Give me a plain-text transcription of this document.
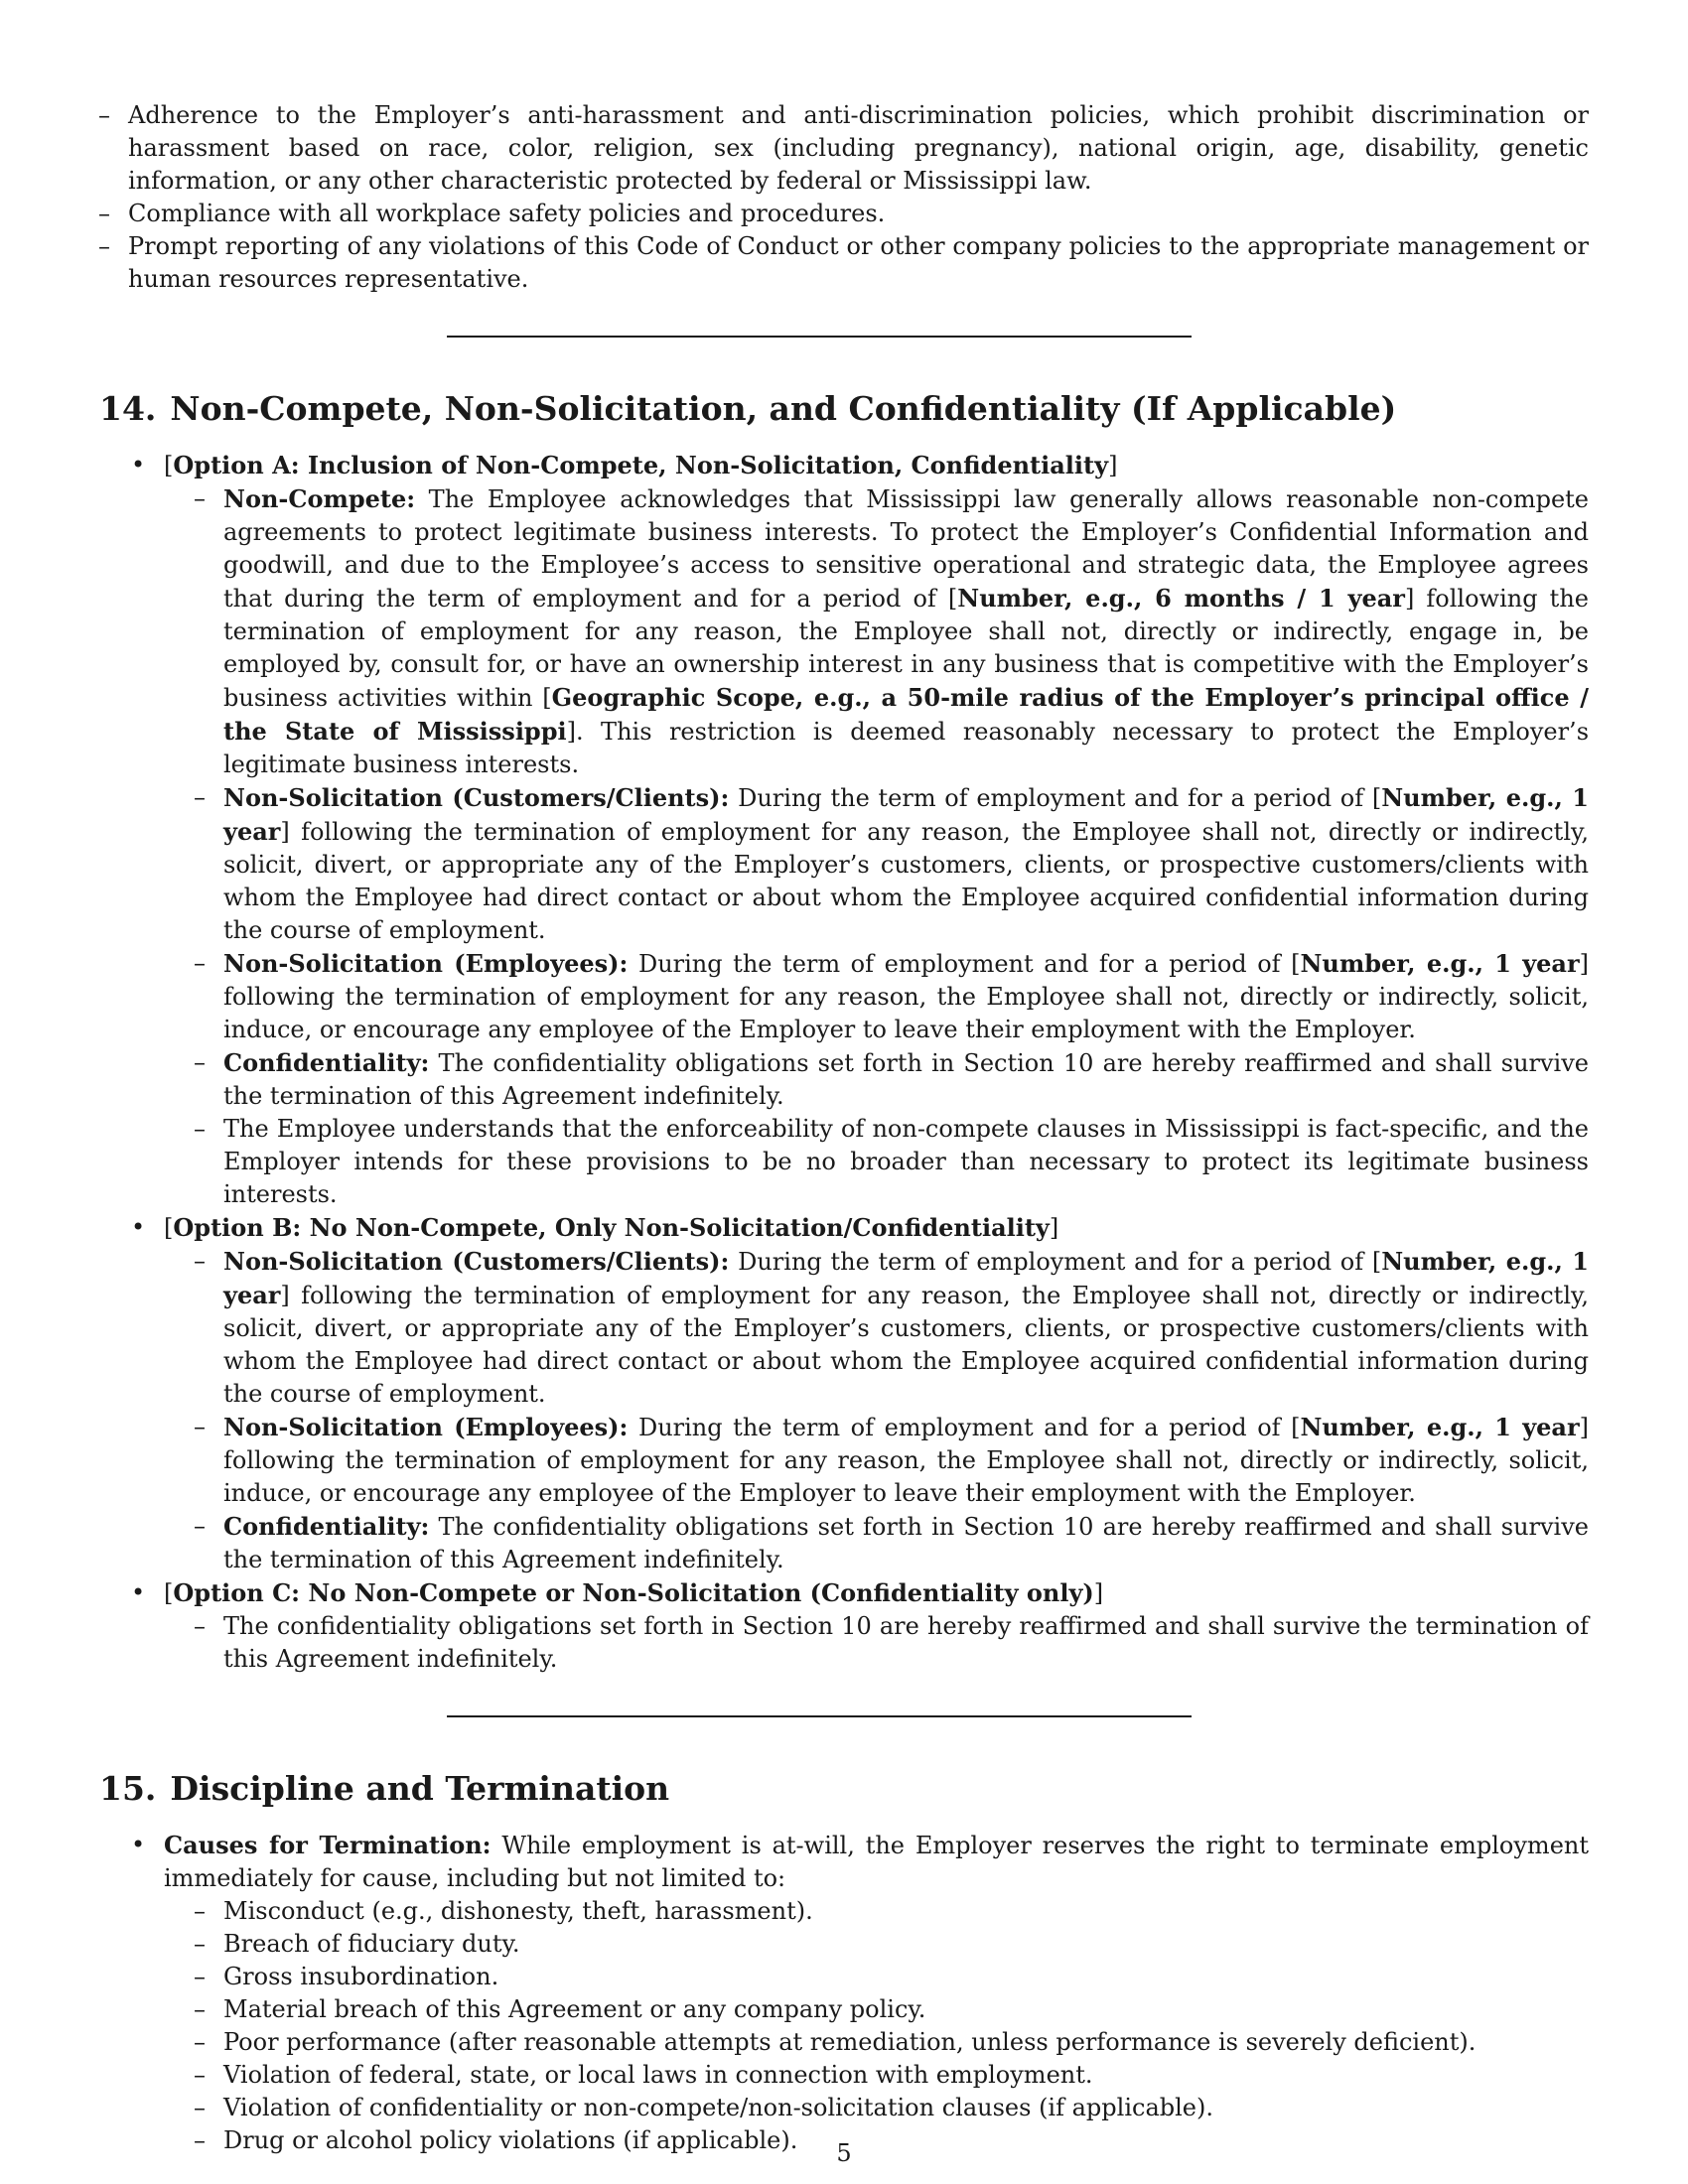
– Adherence to the Employer’s anti-harassment and anti-discrimination policies, which prohibit discrimination or harassment based on race, color, religion, sex (including pregnancy), national origin, age, disability, genetic information, or any other characteristic protected by federal or Mississippi law.
– Compliance with all workplace safety policies and procedures.
– Prompt reporting of any violations of this Code of Conduct or other company policies to the appropriate management or human resources representative.
14. Non-Compete, Non-Solicitation, and Confidentiality (If Applicable)
• [Option A: Inclusion of Non-Compete, Non-Solicitation, Confidentiality]
– Non-Compete: The Employee acknowledges that Mississippi law generally allows reasonable non-compete agreements to protect legitimate business interests. To protect the Employer’s Confidential Information and goodwill, and due to the Employee’s access to sensitive operational and strategic data, the Employee agrees that during the term of employment and for a period of [Number, e.g., 6 months / 1 year] following the termination of employment for any reason, the Employee shall not, directly or indirectly, engage in, be employed by, consult for, or have an ownership interest in any business that is competitive with the Employer’s business activities within [Geographic Scope, e.g., a 50-mile radius of the Employer’s principal office / the State of Mississippi]. This restriction is deemed reasonably necessary to protect the Employer’s legitimate business interests.
– Non-Solicitation (Customers/Clients): During the term of employment and for a period of [Number, e.g., 1 year] following the termination of employment for any reason, the Employee shall not, directly or indirectly, solicit, divert, or appropriate any of the Employer’s customers, clients, or prospective customers/clients with whom the Employee had direct contact or about whom the Employee acquired confidential information during the course of employment.
– Non-Solicitation (Employees): During the term of employment and for a period of [Number, e.g., 1 year] following the termination of employment for any reason, the Employee shall not, directly or indirectly, solicit, induce, or encourage any employee of the Employer to leave their employment with the Employer.
– Confidentiality: The confidentiality obligations set forth in Section 10 are hereby reaffirmed and shall survive the termination of this Agreement indefinitely.
– The Employee understands that the enforceability of non-compete clauses in Mississippi is fact-specific, and the Employer intends for these provisions to be no broader than necessary to protect its legitimate business interests.
• [Option B: No Non-Compete, Only Non-Solicitation/Confidentiality]
– Non-Solicitation (Customers/Clients): During the term of employment and for a period of [Number, e.g., 1 year] following the termination of employment for any reason, the Employee shall not, directly or indirectly, solicit, divert, or appropriate any of the Employer’s customers, clients, or prospective customers/clients with whom the Employee had direct contact or about whom the Employee acquired confidential information during the course of employment.
– Non-Solicitation (Employees): During the term of employment and for a period of [Number, e.g., 1 year] following the termination of employment for any reason, the Employee shall not, directly or indirectly, solicit, induce, or encourage any employee of the Employer to leave their employment with the Employer.
– Confidentiality: The confidentiality obligations set forth in Section 10 are hereby reaffirmed and shall survive the termination of this Agreement indefinitely.
• [Option C: No Non-Compete or Non-Solicitation (Confidentiality only)]
– The confidentiality obligations set forth in Section 10 are hereby reaffirmed and shall survive the termination of this Agreement indefinitely.
15. Discipline and Termination
• Causes for Termination: While employment is at-will, the Employer reserves the right to terminate employment immediately for cause, including but not limited to:
– Misconduct (e.g., dishonesty, theft, harassment).
– Breach of fiduciary duty.
– Gross insubordination.
– Material breach of this Agreement or any company policy.
– Poor performance (after reasonable attempts at remediation, unless performance is severely deficient).
– Violation of federal, state, or local laws in connection with employment.
– Violation of confidentiality or non-compete/non-solicitation clauses (if applicable).
– Drug or alcohol policy violations (if applicable).	5
